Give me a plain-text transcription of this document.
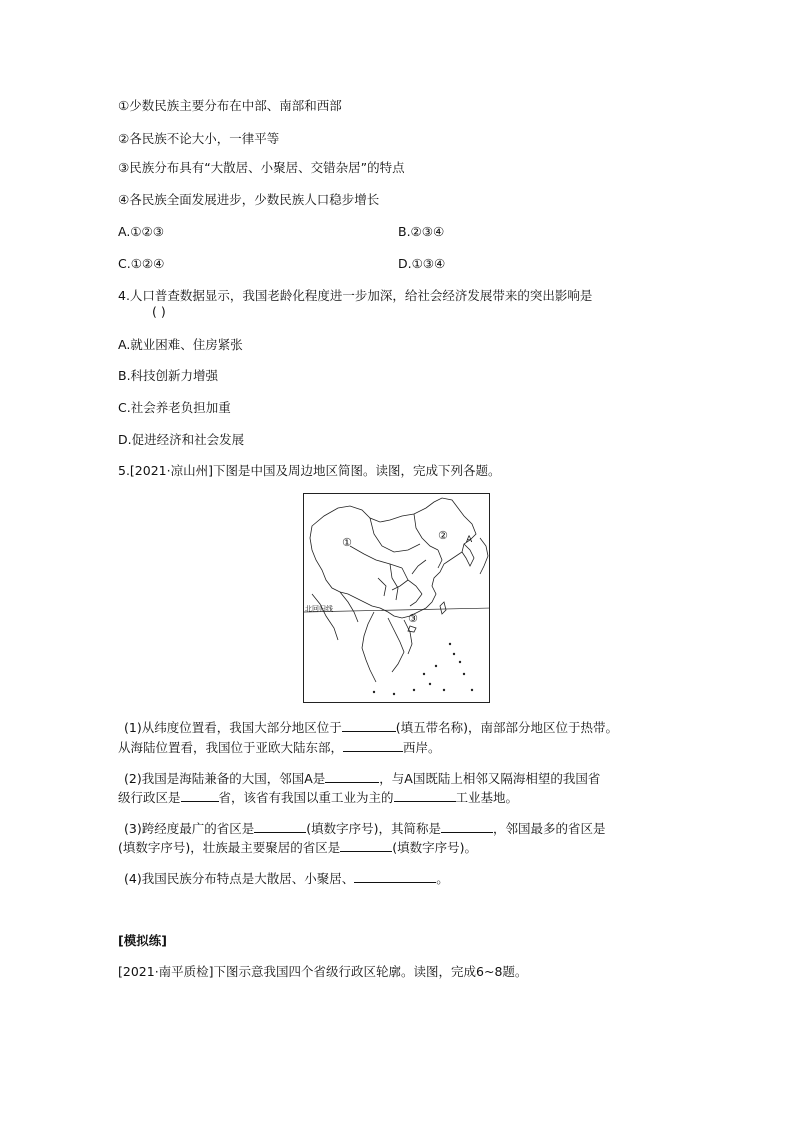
①少数民族主要分布在中部、南部和西部
②各民族不论大小，一律平等
③民族分布具有“大散居、小聚居、交错杂居”的特点
④各民族全面发展进步，少数民族人口稳步增长
A.①②③	B.②③④
C.①②④	D.①③④
4.人口普查数据显示，我国老龄化程度进一步加深，给社会经济发展带来的突出影响是
( )
A.就业困难、住房紧张
B.科技创新力增强
C.社会养老负担加重
D.促进经济和社会发展
5.[2021·凉山州]下图是中国及周边地区简图。读图，完成下列各题。
①
②
③
A
北回归线
(1)从纬度位置看，我国大部分地区位于	(填五带名称)，南部部分地区位于热带。
从海陆位置看，我国位于亚欧大陆东部，	西岸。
(2)我国是海陆兼备的大国，邻国A是	，与A国既陆上相邻又隔海相望的我国省
级行政区是	省，该省有我国以重工业为主的	工业基地。
(3)跨经度最广的省区是	(填数字序号)，其简称是	，邻国最多的省区是
(填数字序号)，壮族最主要聚居的省区是	(填数字序号)。
(4)我国民族分布特点是大散居、小聚居、	。
[模拟练]
[2021·南平质检]下图示意我国四个省级行政区轮廓。读图，完成6~8题。
